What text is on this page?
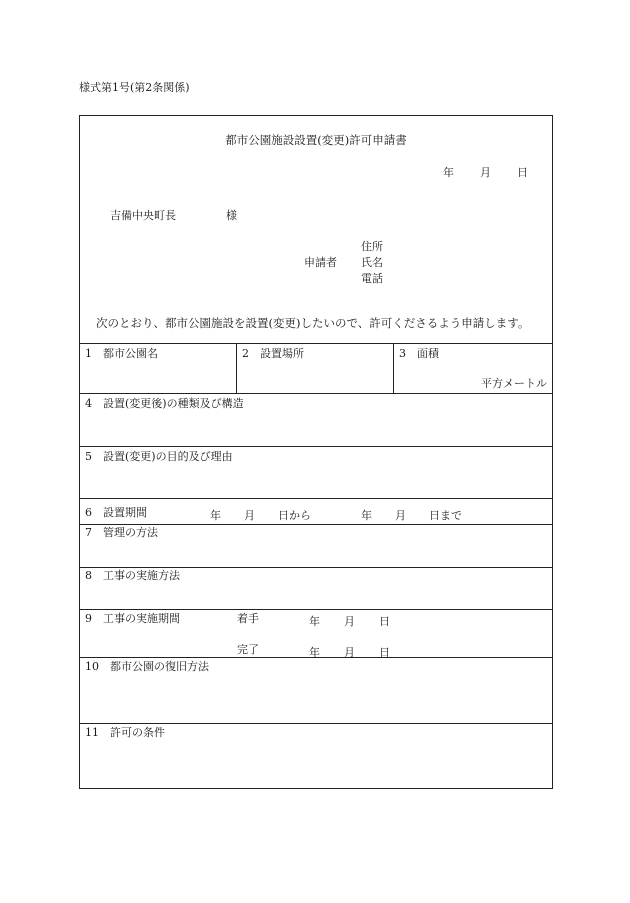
様式第1号(第2条関係)
都市公園施設設置(変更)許可申請書
年	月	日
吉備中央町長	様
申請者
住所
氏名
電話
次のとおり、都市公園施設を設置(変更)したいので、許可くださるよう申請します。
1　都市公園名	2　設置場所	3　面積
平方メートル
4　設置(変更後)の種類及び構造
5　設置(変更)の目的及び理由
6　設置期間	年	月	日から	年	月	日まで
7　管理の方法
8　工事の実施方法
9　工事の実施期間	着手	年	月	日
完了	年	月	日
10　都市公園の復旧方法
11　許可の条件
